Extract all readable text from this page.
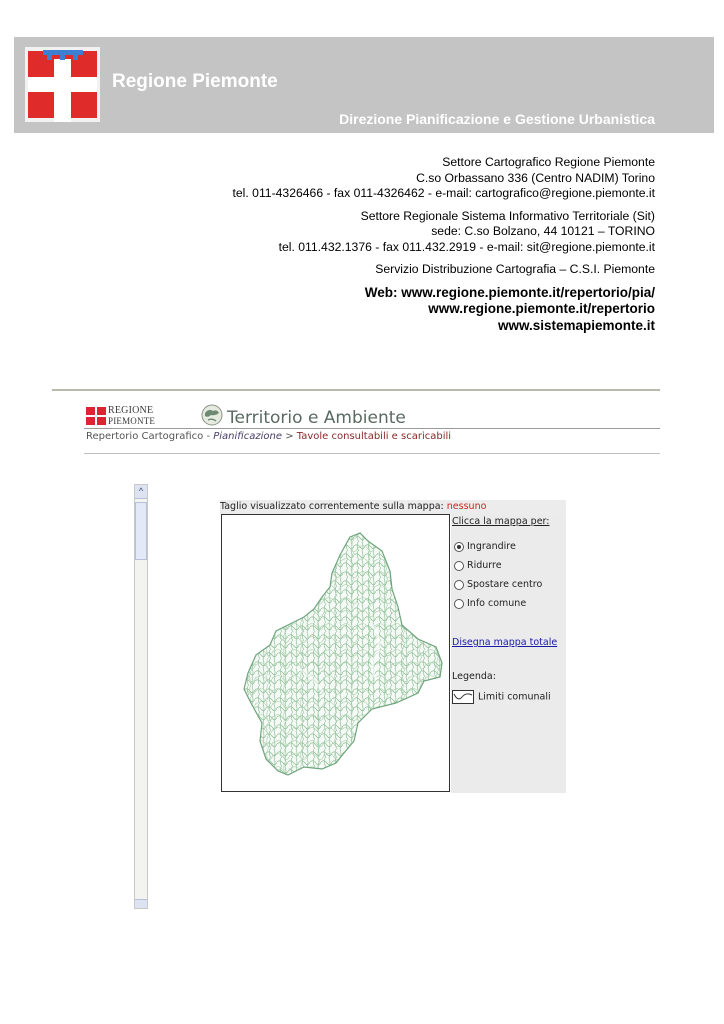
Regione Piemonte
Direzione Pianificazione e Gestione Urbanistica
Settore Cartografico Regione Piemonte
C.so Orbassano 336 (Centro NADIM) Torino
tel. 011-4326466 - fax 011-4326462 - e-mail: cartografico@regione.piemonte.it
Settore Regionale Sistema Informativo Territoriale (Sit)
sede: C.so Bolzano, 44 10121 – TORINO
tel. 011.432.1376 - fax 011.432.2919 - e-mail: sit@regione.piemonte.it
Servizio Distribuzione Cartografia – C.S.I. Piemonte
Web: www.regione.piemonte.it/repertorio/pia/
www.regione.piemonte.it/repertorio
www.sistemapiemonte.it
REGIONE
PIEMONTE	Territorio e Ambiente
Repertorio Cartografico - Pianificazione > Tavole consultabili e scaricabili
^
Taglio visualizzato correntemente sulla mappa: nessuno
Clicca la mappa per:
Ingrandire
Ridurre
Spostare centro
Info comune
Disegna mappa totale
Legenda:
Limiti comunali
